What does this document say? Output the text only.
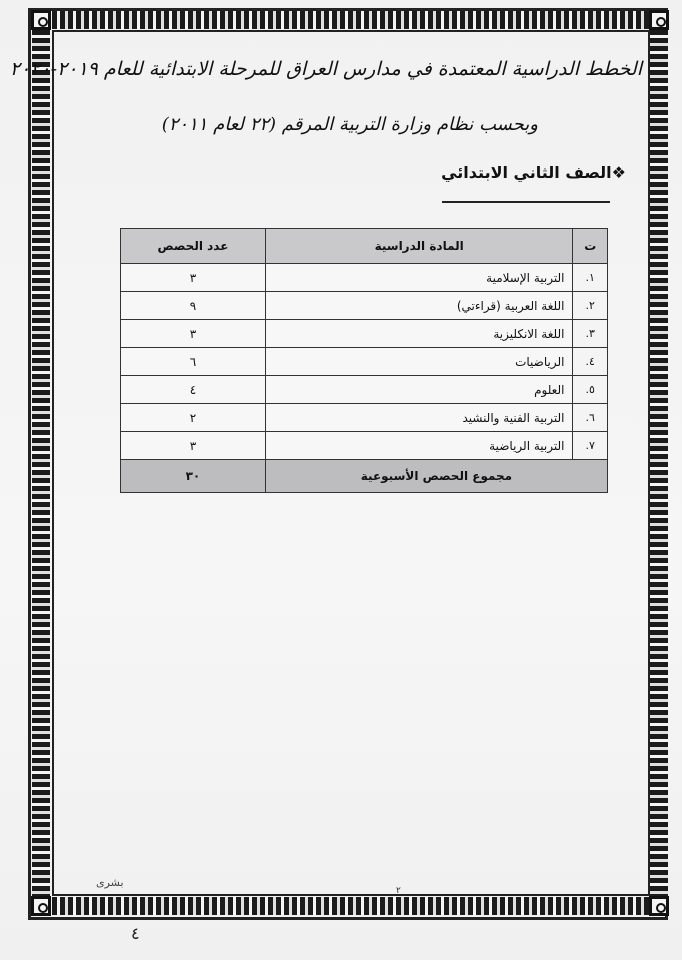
الخطط الدراسية المعتمدة في مدارس العراق للمرحلة الابتدائية للعام ٢٠١٩-٢٠٢٠
وبحسب نظام وزارة التربية المرقم (٢٢ لعام ٢٠١١)
❖الصف الثاني الابتدائي
ت	المادة الدراسية	عدد الحصص
١.	التربية الإسلامية	٣
٢.	اللغة العربية (قراءتي)	٩
٣.	اللغة الانكليزية	٣
٤.	الرياضيات	٦
٥.	العلوم	٤
٦.	التربية الفنية والنشيد	٢
٧.	التربية الرياضية	٣
مجموع الحصص الأسبوعية		٣٠
بشرى
٢
٤
